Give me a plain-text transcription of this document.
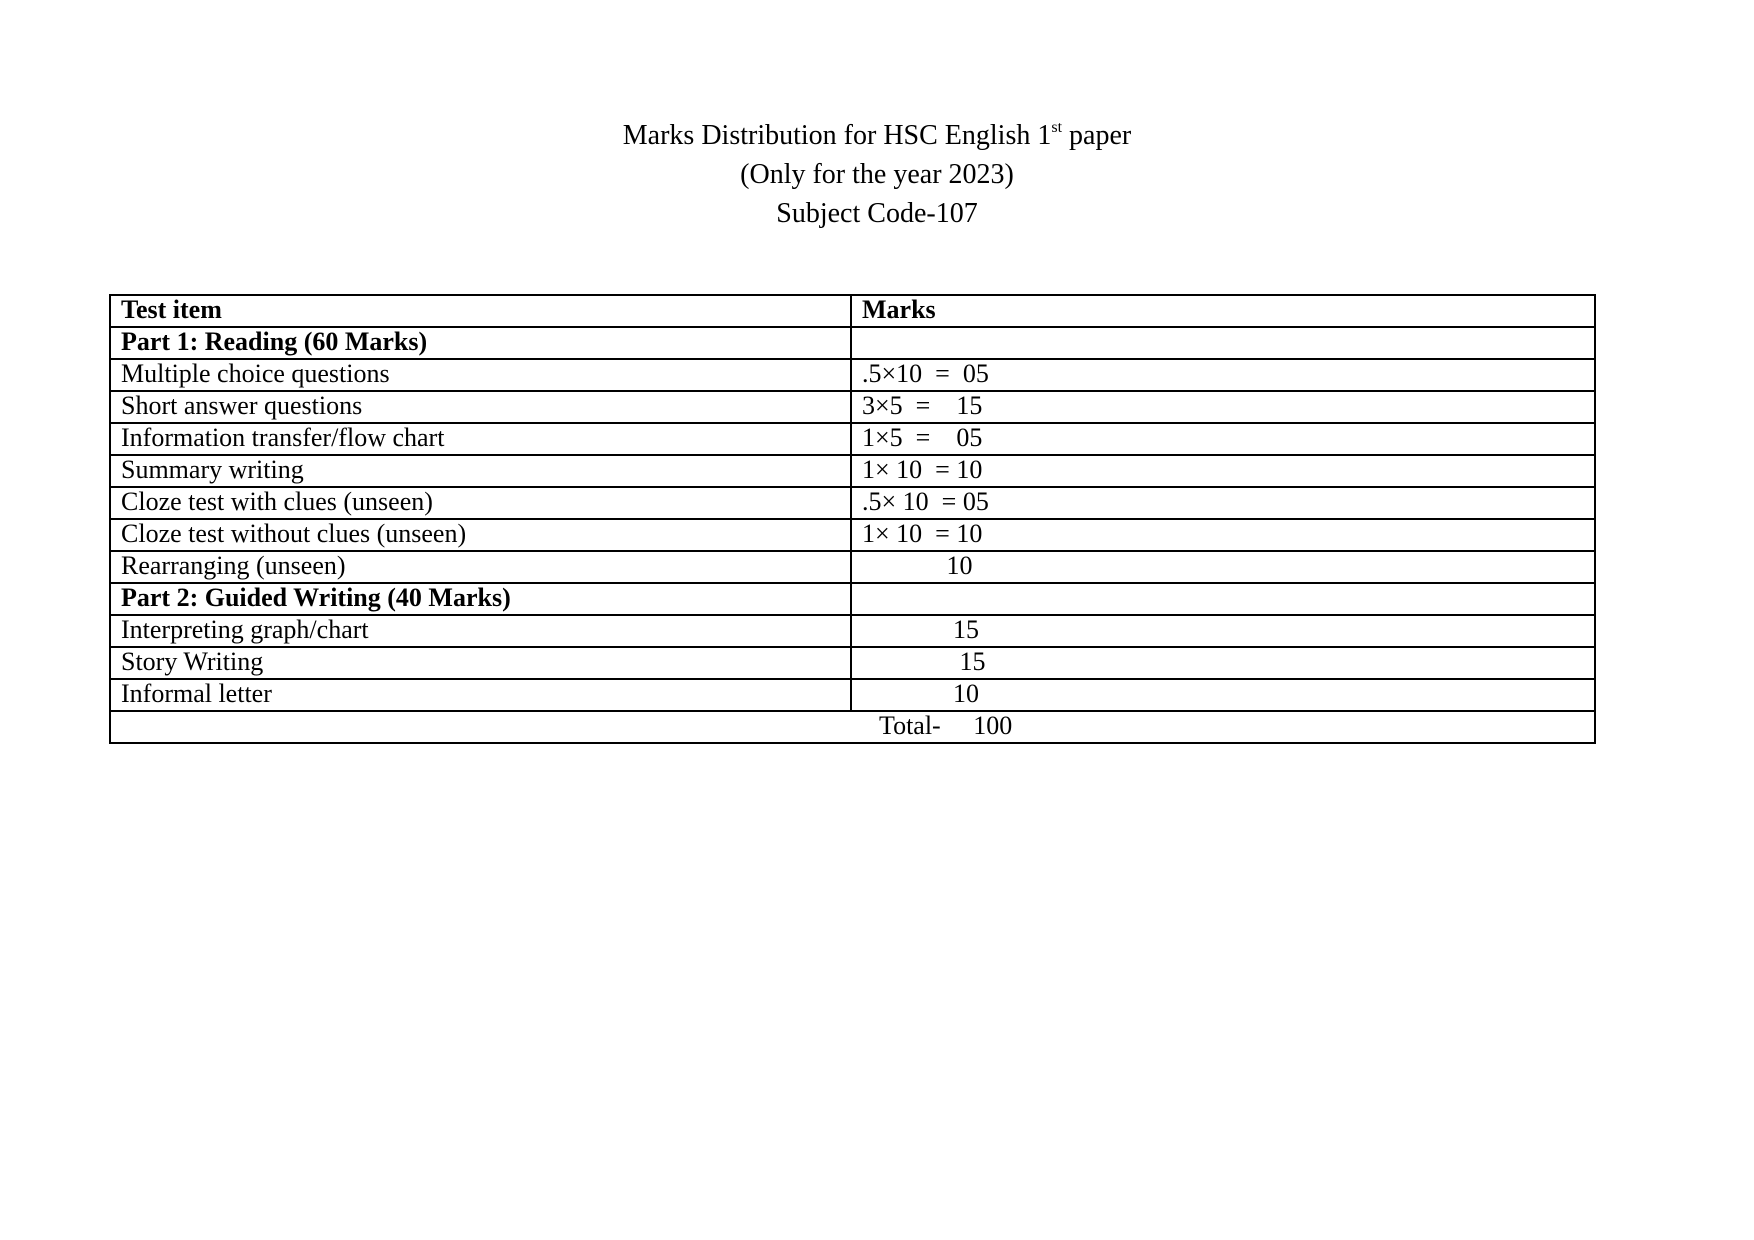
Marks Distribution for HSC English 1st paper
(Only for the year 2023)
Subject Code-107
Test item	Marks
Part 1: Reading (60 Marks)	
Multiple choice questions	.5×10  =  05
Short answer questions	3×5  =    15
Information transfer/flow chart	1×5  =    05
Summary writing	1× 10  = 10
Cloze test with clues (unseen)	.5× 10  = 05
Cloze test without clues (unseen)	1× 10  = 10
Rearranging (unseen)	10
Part 2: Guided Writing (40 Marks)	
Interpreting graph/chart	15
Story Writing	15
Informal letter	10
Total-     100	
